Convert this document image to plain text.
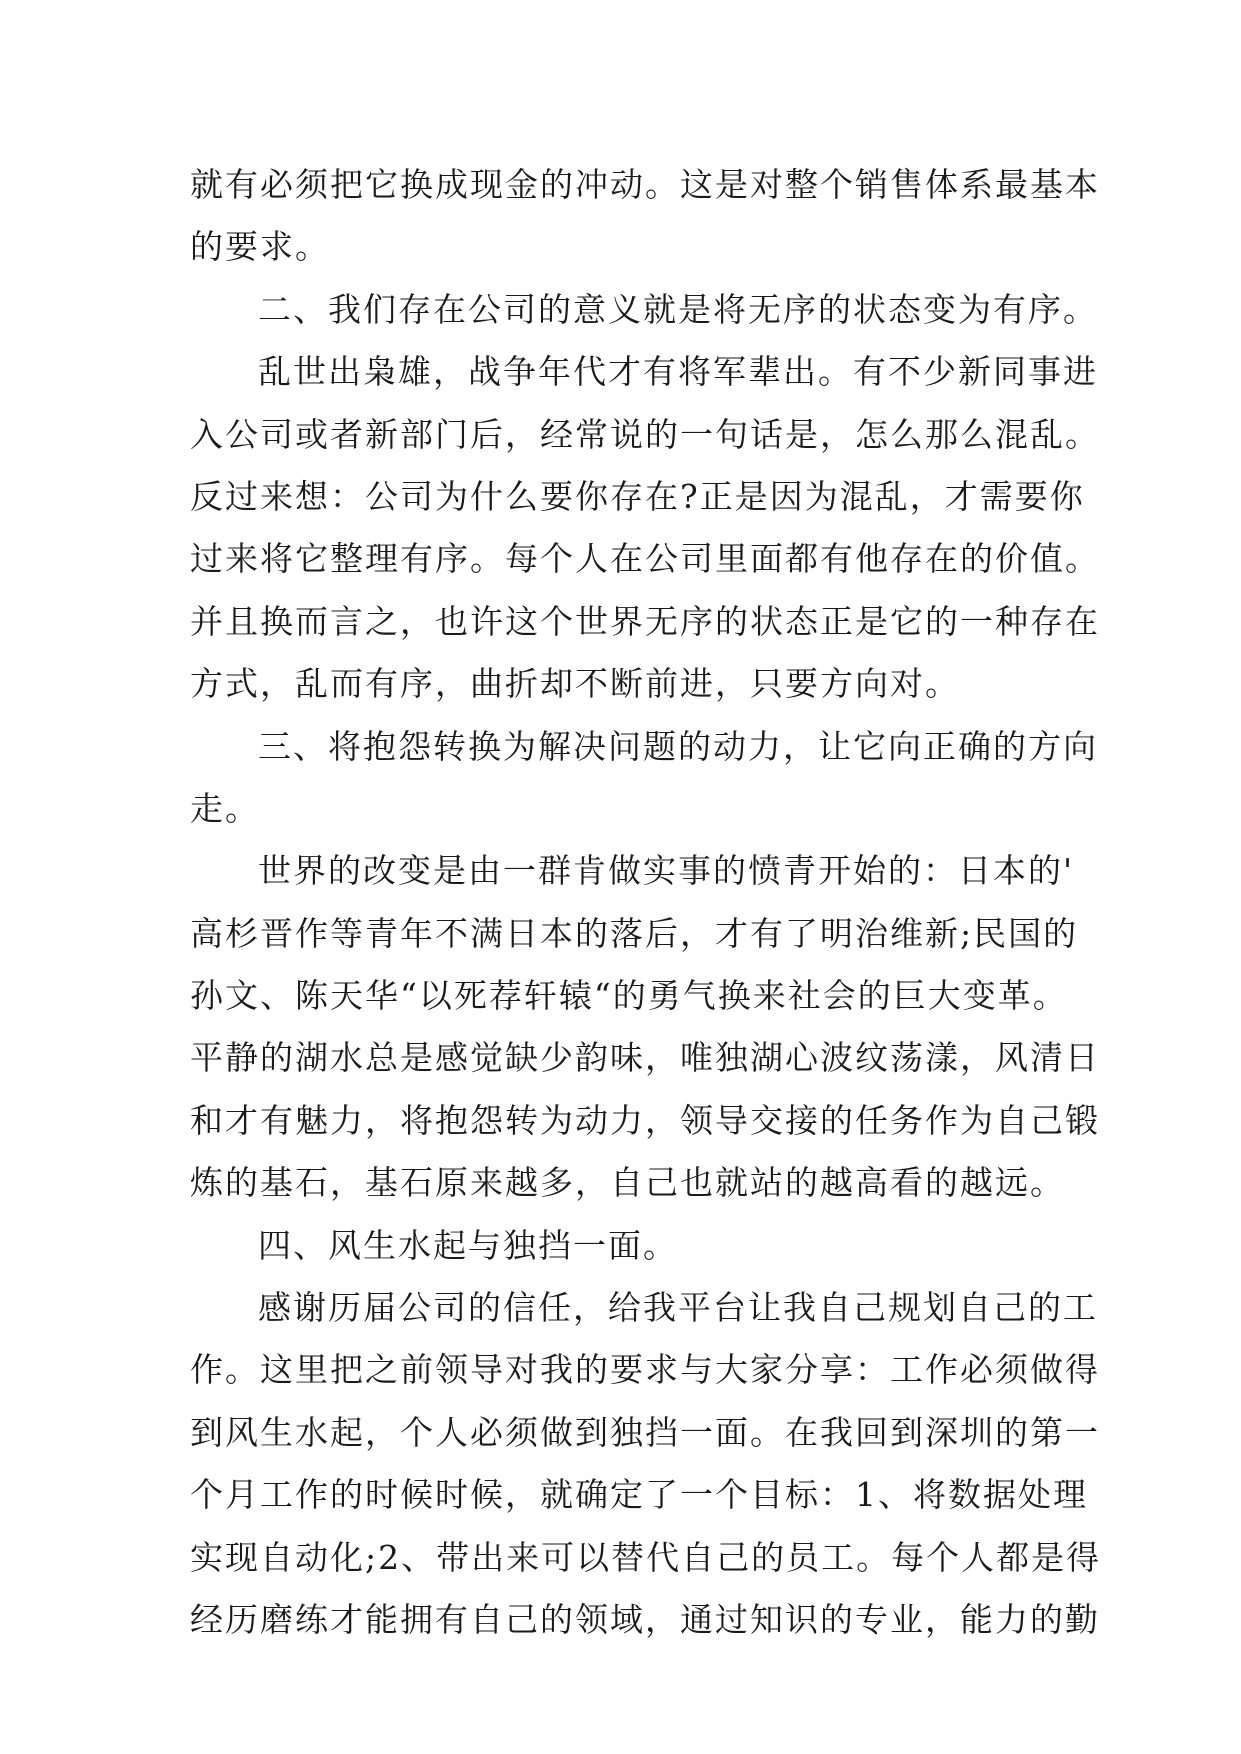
就有必须把它换成现金的冲动。这是对整个销售体系最基本
的要求。
二、我们存在公司的意义就是将无序的状态变为有序。
乱世出枭雄，战争年代才有将军辈出。有不少新同事进
入公司或者新部门后，经常说的一句话是，怎么那么混乱。
反过来想：公司为什么要你存在?正是因为混乱，才需要你
过来将它整理有序。每个人在公司里面都有他存在的价值。
并且换而言之，也许这个世界无序的状态正是它的一种存在
方式，乱而有序，曲折却不断前进，只要方向对。
三、将抱怨转换为解决问题的动力，让它向正确的方向
走。
世界的改变是由一群肯做实事的愤青开始的：日本的'
高杉晋作等青年不满日本的落后，才有了明治维新;民国的
孙文、陈天华“以死荐轩辕“的勇气换来社会的巨大变革。
平静的湖水总是感觉缺少韵味，唯独湖心波纹荡漾，风清日
和才有魅力，将抱怨转为动力，领导交接的任务作为自己锻
炼的基石，基石原来越多，自己也就站的越高看的越远。
四、风生水起与独挡一面。
感谢历届公司的信任，给我平台让我自己规划自己的工
作。这里把之前领导对我的要求与大家分享：工作必须做得
到风生水起，个人必须做到独挡一面。在我回到深圳的第一
个月工作的时候时候，就确定了一个目标：1、将数据处理
实现自动化;2、带出来可以替代自己的员工。每个人都是得
经历磨练才能拥有自己的领域，通过知识的专业，能力的勤
